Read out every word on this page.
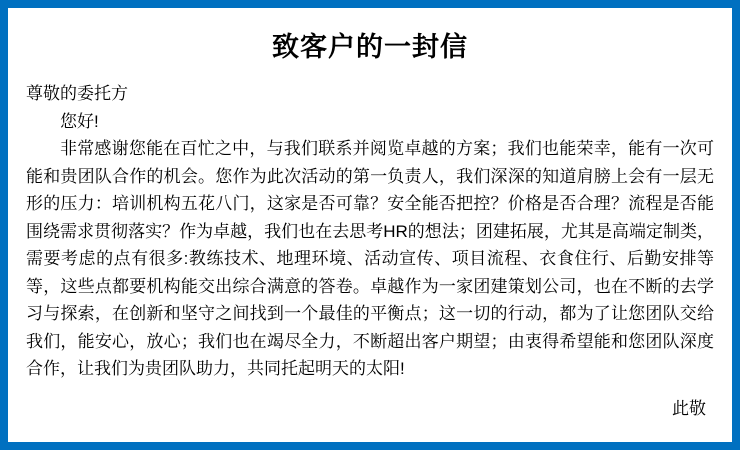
致客户的一封信

尊敬的委托方

您好!

非常感谢您能在百忙之中，与我们联系并阅览卓越的方案；我们也能荣幸，能有一次可能和贵团队合作的机会。您作为此次活动的第一负责人，我们深深的知道肩膀上会有一层无形的压力：培训机构五花八门，这家是否可靠？安全能否把控？价格是否合理？流程是否能围绕需求贯彻落实？作为卓越，我们也在去思考HR的想法；团建拓展，尤其是高端定制类，需要考虑的点有很多:教练技术、地理环境、活动宣传、项目流程、衣食住行、后勤安排等等，这些点都要机构能交出综合满意的答卷。卓越作为一家团建策划公司，也在不断的去学习与探索，在创新和坚守之间找到一个最佳的平衡点；这一切的行动，都为了让您团队交给我们，能安心，放心；我们也在竭尽全力，不断超出客户期望；由衷得希望能和您团队深度合作，让我们为贵团队助力，共同托起明天的太阳!

此敬
